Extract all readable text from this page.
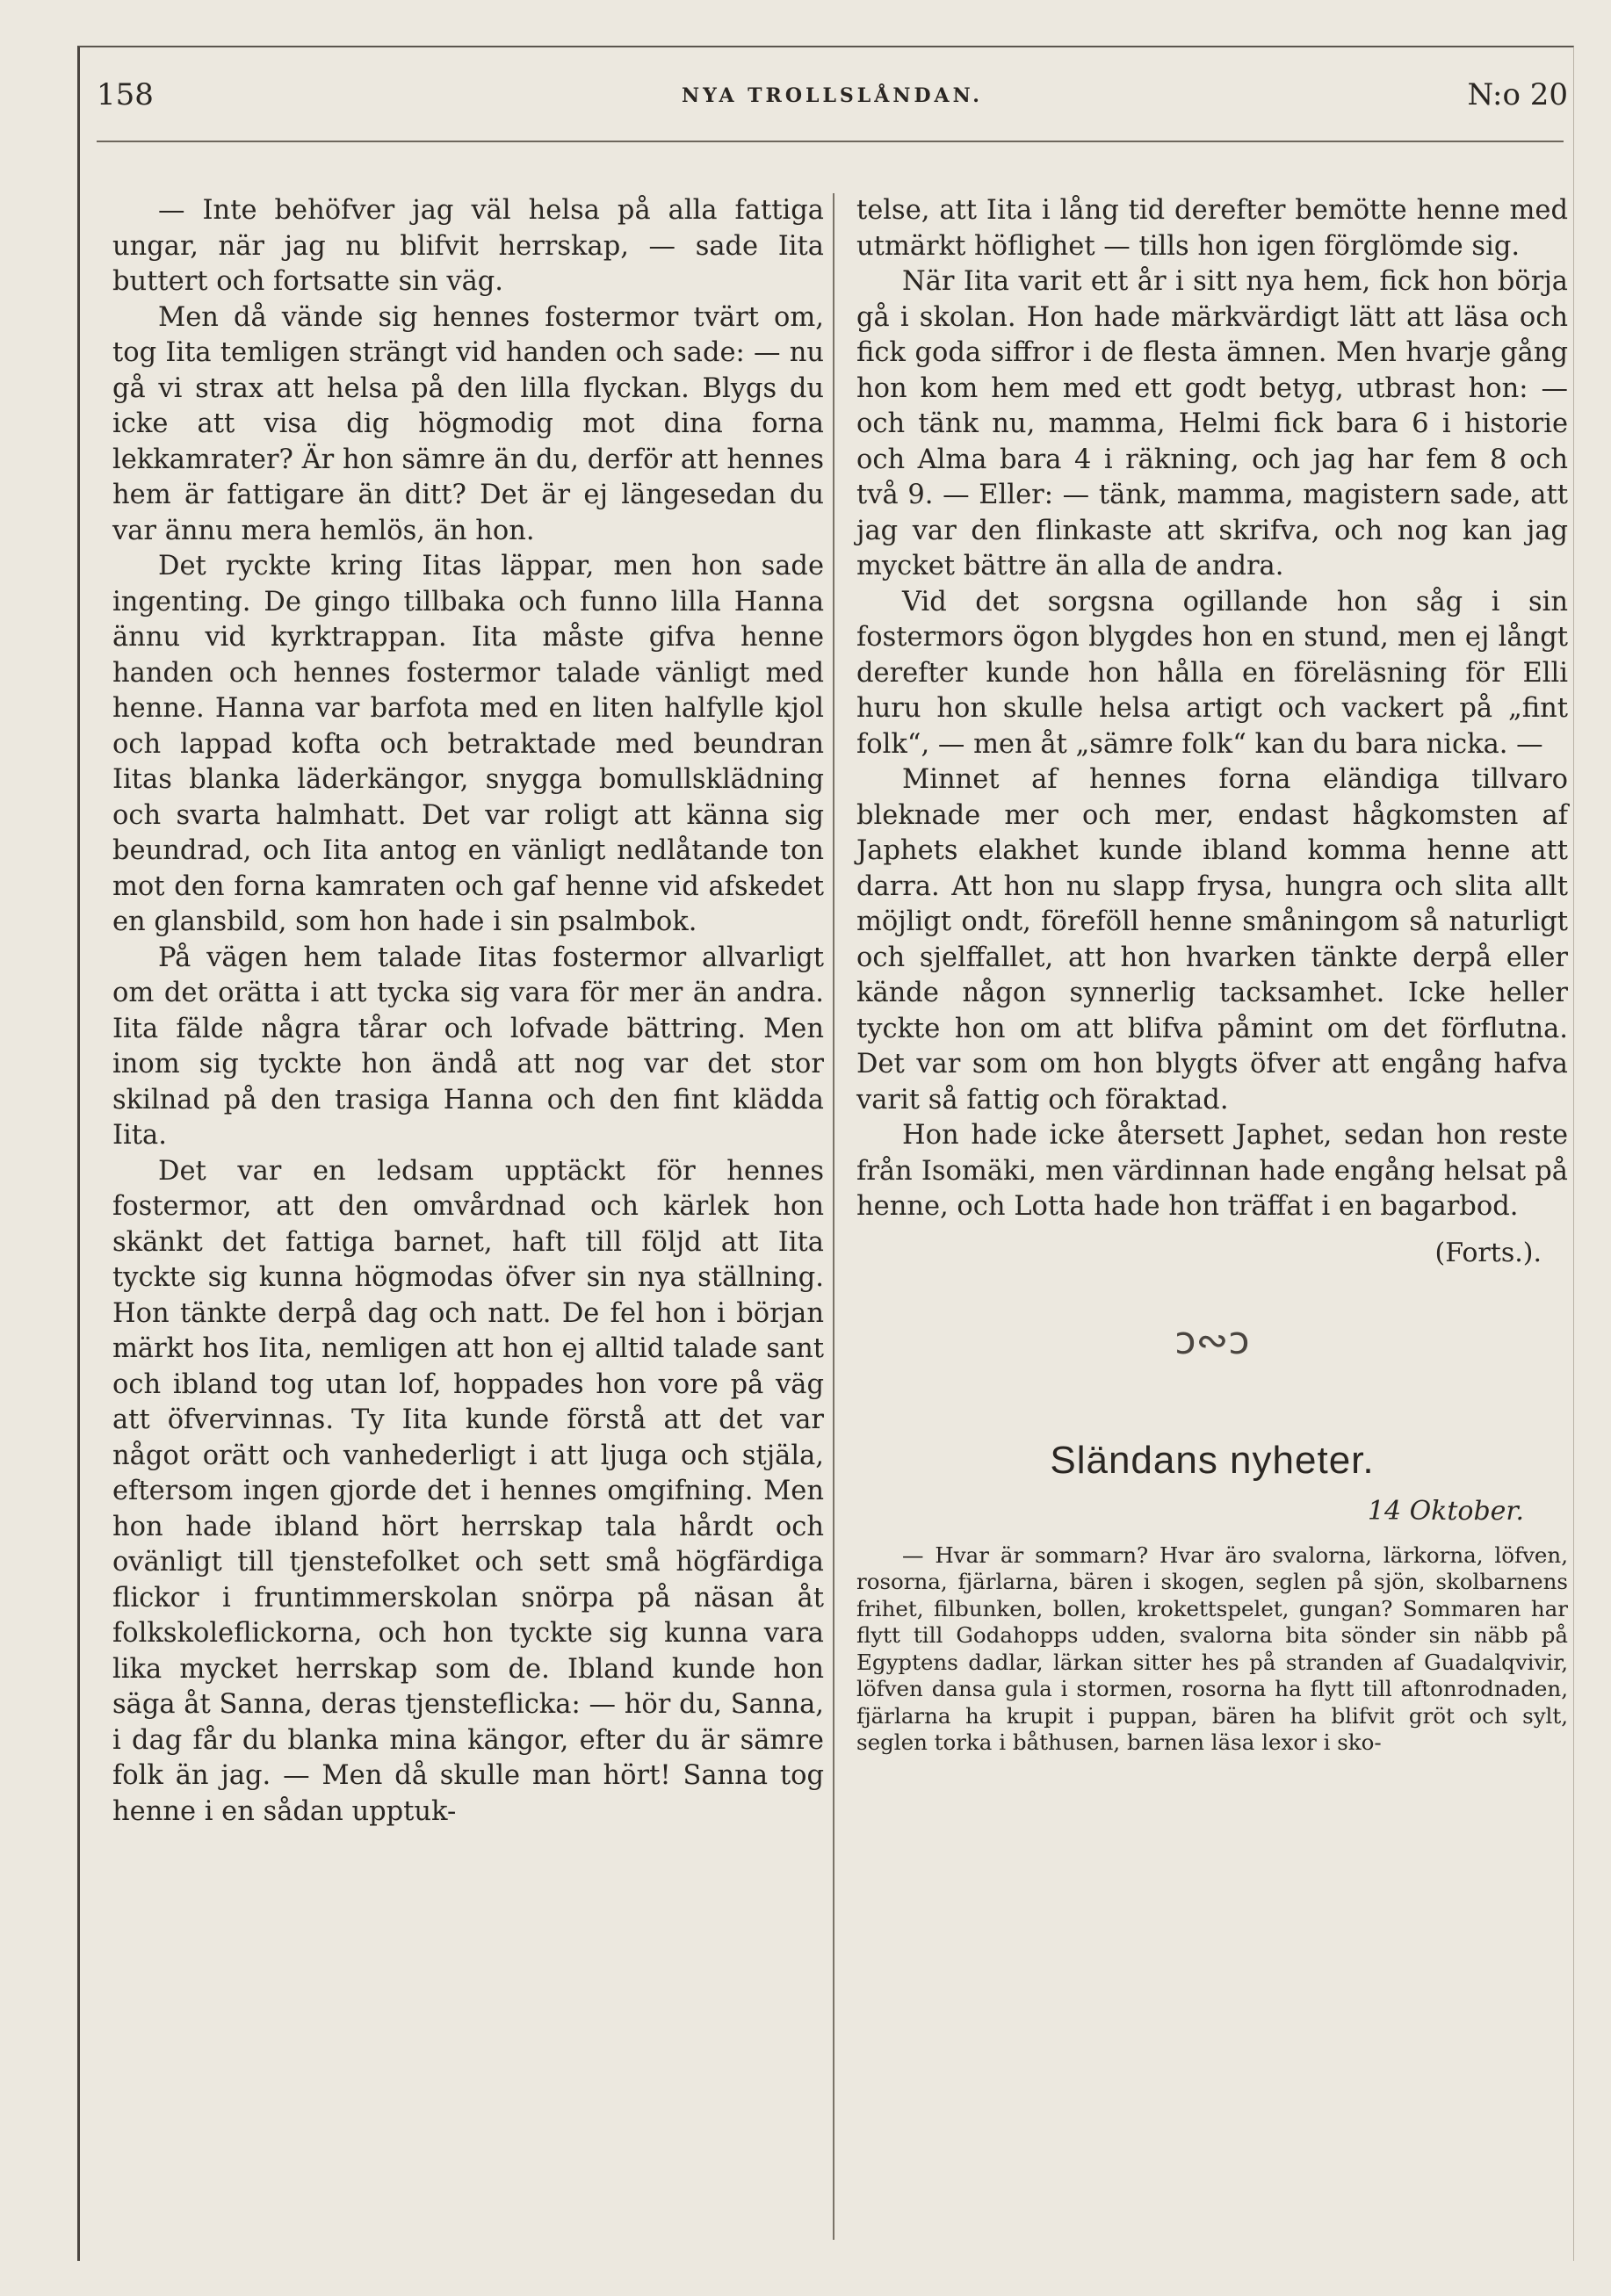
158	NYA TROLLSLÅNDAN.	N:o 20

— Inte behöfver jag väl helsa på alla fattiga ungar, när jag nu blifvit herrskap, — sade Iita buttert och fortsatte sin väg.

Men då vände sig hennes fostermor tvärt om, tog Iita temligen strängt vid handen och sade: — nu gå vi strax att helsa på den lilla flyckan. Blygs du icke att visa dig högmodig mot dina forna lekkamrater? Är hon sämre än du, derför att hennes hem är fattigare än ditt? Det är ej längesedan du var ännu mera hemlös, än hon.

Det ryckte kring Iitas läppar, men hon sade ingenting. De gingo tillbaka och funno lilla Hanna ännu vid kyrktrappan. Iita måste gifva henne handen och hennes fostermor talade vänligt med henne. Hanna var barfota med en liten halfylle kjol och lappad kofta och betraktade med beundran Iitas blanka läderkängor, snygga bomullsklädning och svarta halmhatt. Det var roligt att känna sig beundrad, och Iita antog en vänligt nedlåtande ton mot den forna kamraten och gaf henne vid afskedet en glansbild, som hon hade i sin psalmbok.

På vägen hem talade Iitas fostermor allvarligt om det orätta i att tycka sig vara för mer än andra. Iita fälde några tårar och lofvade bättring. Men inom sig tyckte hon ändå att nog var det stor skilnad på den trasiga Hanna och den fint klädda Iita.

Det var en ledsam upptäckt för hennes fostermor, att den omvårdnad och kärlek hon skänkt det fattiga barnet, haft till följd att Iita tyckte sig kunna högmodas öfver sin nya ställning. Hon tänkte derpå dag och natt. De fel hon i början märkt hos Iita, nemligen att hon ej alltid talade sant och ibland tog utan lof, hoppades hon vore på väg att öfvervinnas. Ty Iita kunde förstå att det var något orätt och vanhederligt i att ljuga och stjäla, eftersom ingen gjorde det i hennes omgifning. Men hon hade ibland hört herrskap tala hårdt och ovänligt till tjenstefolket och sett små högfärdiga flickor i fruntimmerskolan snörpa på näsan åt folkskoleflickorna, och hon tyckte sig kunna vara lika mycket herrskap som de. Ibland kunde hon säga åt Sanna, deras tjensteflicka: — hör du, Sanna, i dag får du blanka mina kängor, efter du är sämre folk än jag. — Men då skulle man hört! Sanna tog henne i en sådan upptuk-

telse, att Iita i lång tid derefter bemötte henne med utmärkt höflighet — tills hon igen förglömde sig.

När Iita varit ett år i sitt nya hem, fick hon börja gå i skolan. Hon hade märkvärdigt lätt att läsa och fick goda siffror i de flesta ämnen. Men hvarje gång hon kom hem med ett godt betyg, utbrast hon: — och tänk nu, mamma, Helmi fick bara 6 i historie och Alma bara 4 i räkning, och jag har fem 8 och två 9. — Eller: — tänk, mamma, magistern sade, att jag var den flinkaste att skrifva, och nog kan jag mycket bättre än alla de andra.

Vid det sorgsna ogillande hon såg i sin fostermors ögon blygdes hon en stund, men ej långt derefter kunde hon hålla en föreläsning för Elli huru hon skulle helsa artigt och vackert på „fint folk“, — men åt „sämre folk“ kan du bara nicka. —

Minnet af hennes forna eländiga tillvaro bleknade mer och mer, endast hågkomsten af Japhets elakhet kunde ibland komma henne att darra. Att hon nu slapp frysa, hungra och slita allt möjligt ondt, föreföll henne småningom så naturligt och sjelffallet, att hon hvarken tänkte derpå eller kände någon synnerlig tacksamhet. Icke heller tyckte hon om att blifva påmint om det förflutna. Det var som om hon blygts öfver att engång hafva varit så fattig och föraktad.

Hon hade icke återsett Japhet, sedan hon reste från Isomäki, men värdinnan hade engång helsat på henne, och Lotta hade hon träffat i en bagarbod.

(Forts.).
ↄ∾ↄ
Sländans nyheter.
14 Oktober.

— Hvar är sommarn? Hvar äro svalorna, lärkorna, löfven, rosorna, fjärlarna, bären i skogen, seglen på sjön, skolbarnens frihet, filbunken, bollen, krokettspelet, gungan? Sommaren har flytt till Godahopps udden, svalorna bita sönder sin näbb på Egyptens dadlar, lärkan sitter hes på stranden af Guadalqvivir, löfven dansa gula i stormen, rosorna ha flytt till aftonrodnaden, fjärlarna ha krupit i puppan, bären ha blifvit gröt och sylt, seglen torka i båthusen, barnen läsa lexor i sko-
